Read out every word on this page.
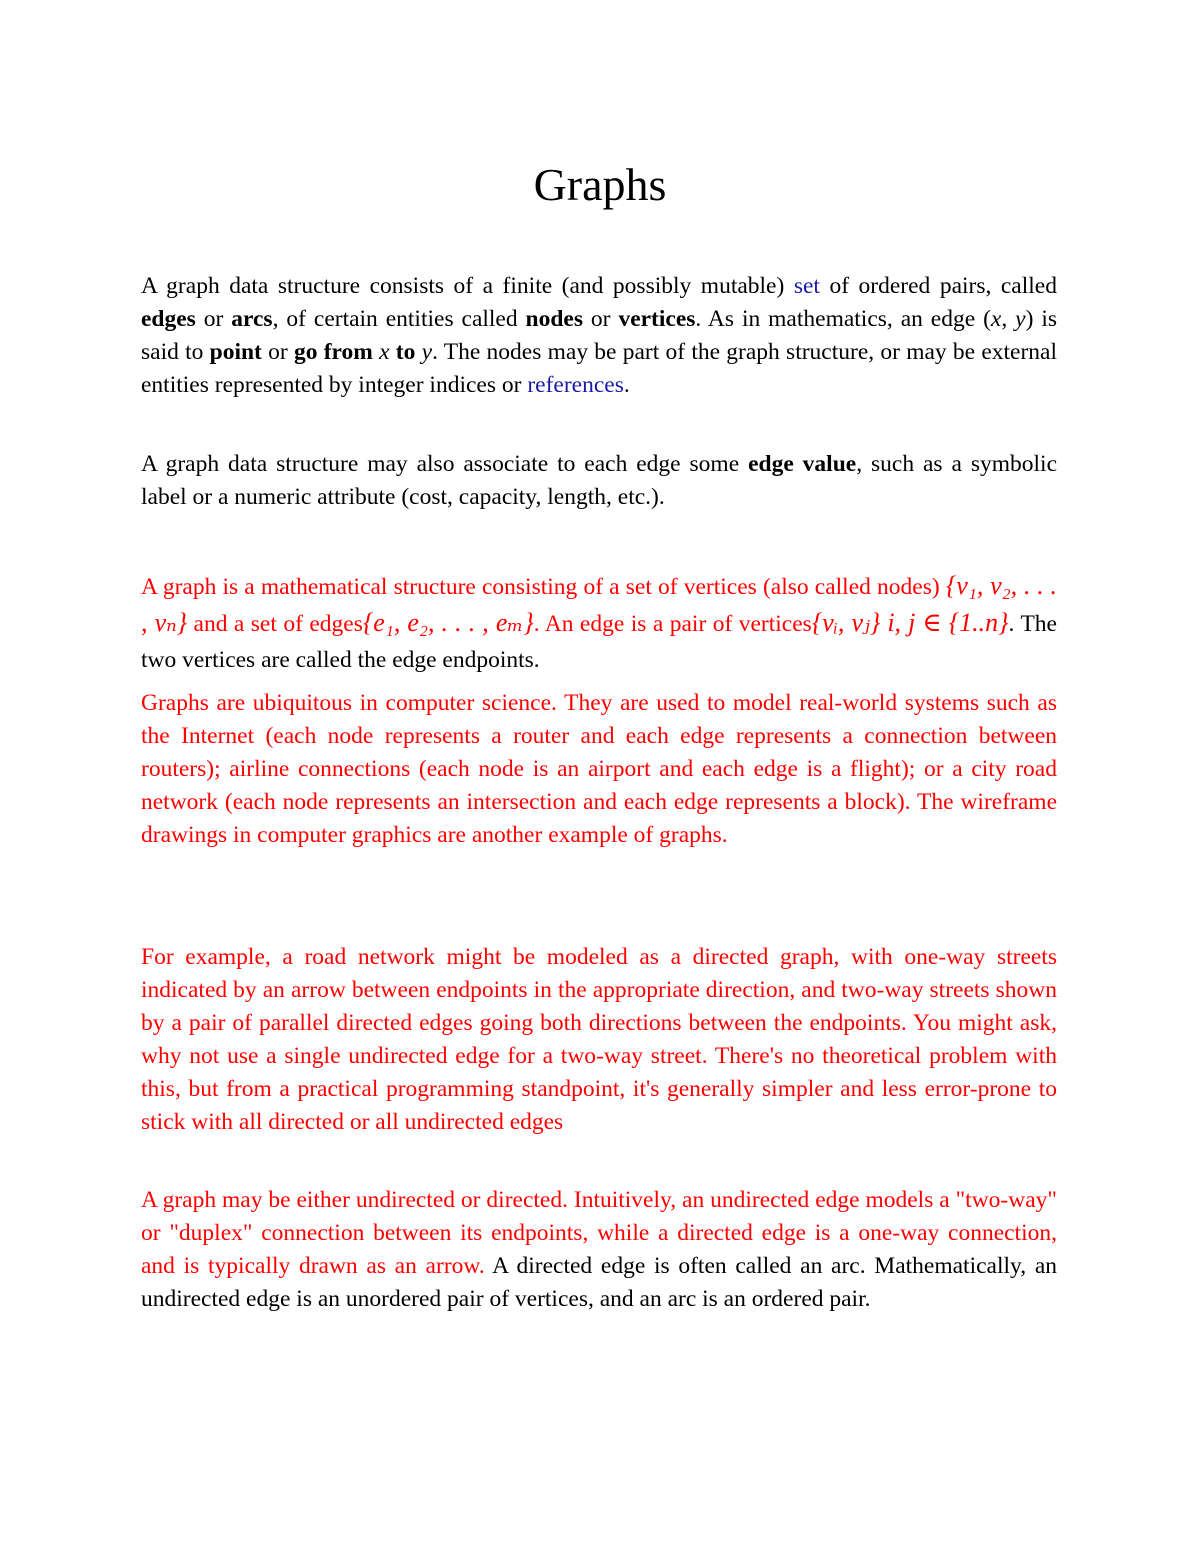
Graphs

A graph data structure consists of a finite (and possibly mutable) set of ordered pairs, called edges or arcs, of certain entities called nodes or vertices. As in mathematics, an edge (x, y) is said to point or go from x to y. The nodes may be part of the graph structure, or may be external entities represented by integer indices or references.

A graph data structure may also associate to each edge some edge value, such as a symbolic label or a numeric attribute (cost, capacity, length, etc.).

A graph is a mathematical structure consisting of a set of vertices (also called nodes) {v₁, v₂, . . . , vₙ} and a set of edges{e₁, e₂, . . . , eₘ}. An edge is a pair of vertices{vᵢ, vⱼ} i, j ∈ {1..n}. The two vertices are called the edge endpoints.

Graphs are ubiquitous in computer science. They are used to model real-world systems such as the Internet (each node represents a router and each edge represents a connection between routers); airline connections (each node is an airport and each edge is a flight); or a city road network (each node represents an intersection and each edge represents a block). The wireframe drawings in computer graphics are another example of graphs.

For example, a road network might be modeled as a directed graph, with one-way streets indicated by an arrow between endpoints in the appropriate direction, and two-way streets shown by a pair of parallel directed edges going both directions between the endpoints. You might ask, why not use a single undirected edge for a two-way street. There's no theoretical problem with this, but from a practical programming standpoint, it's generally simpler and less error-prone to stick with all directed or all undirected edges

A graph may be either undirected or directed. Intuitively, an undirected edge models a "two-way" or "duplex" connection between its endpoints, while a directed edge is a one-way connection, and is typically drawn as an arrow. A directed edge is often called an arc. Mathematically, an undirected edge is an unordered pair of vertices, and an arc is an ordered pair.
